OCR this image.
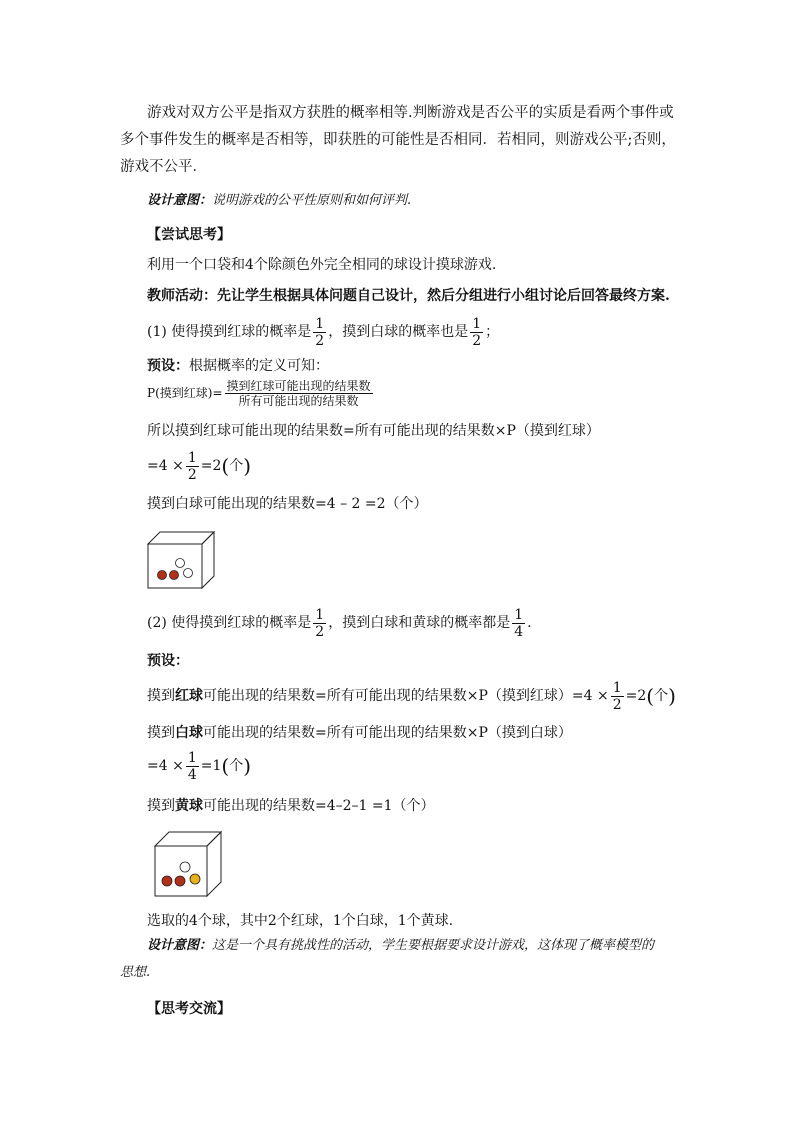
游戏对双方公平是指双方获胜的概率相等.判断游戏是否公平的实质是看两个事件或多个事件发生的概率是否相等，即获胜的可能性是否相同．若相同，则游戏公平;否则，游戏不公平．
设计意图：说明游戏的公平性原则和如何评判.
【尝试思考】
利用一个口袋和4个除颜色外完全相同的球设计摸球游戏.
教师活动：先让学生根据具体问题自己设计，然后分组进行小组讨论后回答最终方案.
(1) 使得摸到红球的概率是 $\frac{1}{2}$ ，摸到白球的概率也是 $\frac{1}{2}$ ；
预设：根据概率的定义可知：
P(摸到红球)= $\frac{\text{摸到红球可能出现的结果数}}{\text{所有可能出现的结果数}}$
所以摸到红球可能出现的结果数=所有可能出现的结果数×P（摸到红球）
$=4 \times \frac{1}{2} =2$(个)
摸到白球可能出现的结果数=4 – 2 =2（个）
(2) 使得摸到红球的概率是 $\frac{1}{2}$ ，摸到白球和黄球的概率都是 $\frac{1}{4}$ .
预设：
摸到红球可能出现的结果数=所有可能出现的结果数×P（摸到红球）$=4 \times \frac{1}{2} =2$(个)
摸到白球可能出现的结果数=所有可能出现的结果数×P（摸到白球）
$=4 \times \frac{1}{4} =1$(个)
摸到黄球可能出现的结果数=4–2–1 =1（个）
选取的4个球，其中2个红球，1个白球，1个黄球.
设计意图：这是一个具有挑战性的活动，学生要根据要求设计游戏，这体现了概率模型的思想.
【思考交流】
